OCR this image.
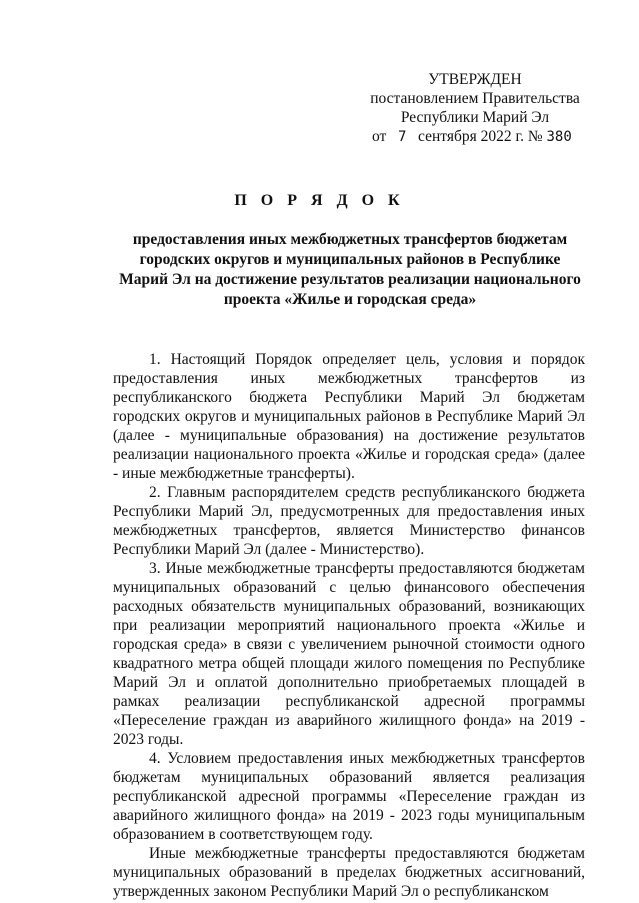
УТВЕРЖДЕН
постановлением Правительства
Республики Марий Эл
от 7 сентября 2022 г. № 380
П О Р Я Д О К
предоставления иных межбюджетных трансфертов бюджетам городских округов и муниципальных районов в Республике Марий Эл на достижение результатов реализации национального проекта «Жилье и городская среда»

1. Настоящий Порядок определяет цель, условия и порядок предоставления иных межбюджетных трансфертов из республиканского бюджета Республики Марий Эл бюджетам городских округов и муниципальных районов в Республике Марий Эл (далее - муниципальные образования) на достижение результатов реализации национального проекта «Жилье и городская среда» (далее - иные межбюджетные трансферты).

2. Главным распорядителем средств республиканского бюджета Республики Марий Эл, предусмотренных для предоставления иных межбюджетных трансфертов, является Министерство финансов Республики Марий Эл (далее - Министерство).

3. Иные межбюджетные трансферты предоставляются бюджетам муниципальных образований с целью финансового обеспечения расходных обязательств муниципальных образований, возникающих при реализации мероприятий национального проекта «Жилье и городская среда» в связи с увеличением рыночной стоимости одного квадратного метра общей площади жилого помещения по Республике Марий Эл и оплатой дополнительно приобретаемых площадей в рамках реализации республиканской адресной программы «Переселение граждан из аварийного жилищного фонда» на 2019 - 2023 годы.

4. Условием предоставления иных межбюджетных трансфертов бюджетам муниципальных образований является реализация республиканской адресной программы «Переселение граждан из аварийного жилищного фонда» на 2019 - 2023 годы муниципальным образованием в соответствующем году.

Иные межбюджетные трансферты предоставляются бюджетам муниципальных образований в пределах бюджетных ассигнований, утвержденных законом Республики Марий Эл о республиканском
